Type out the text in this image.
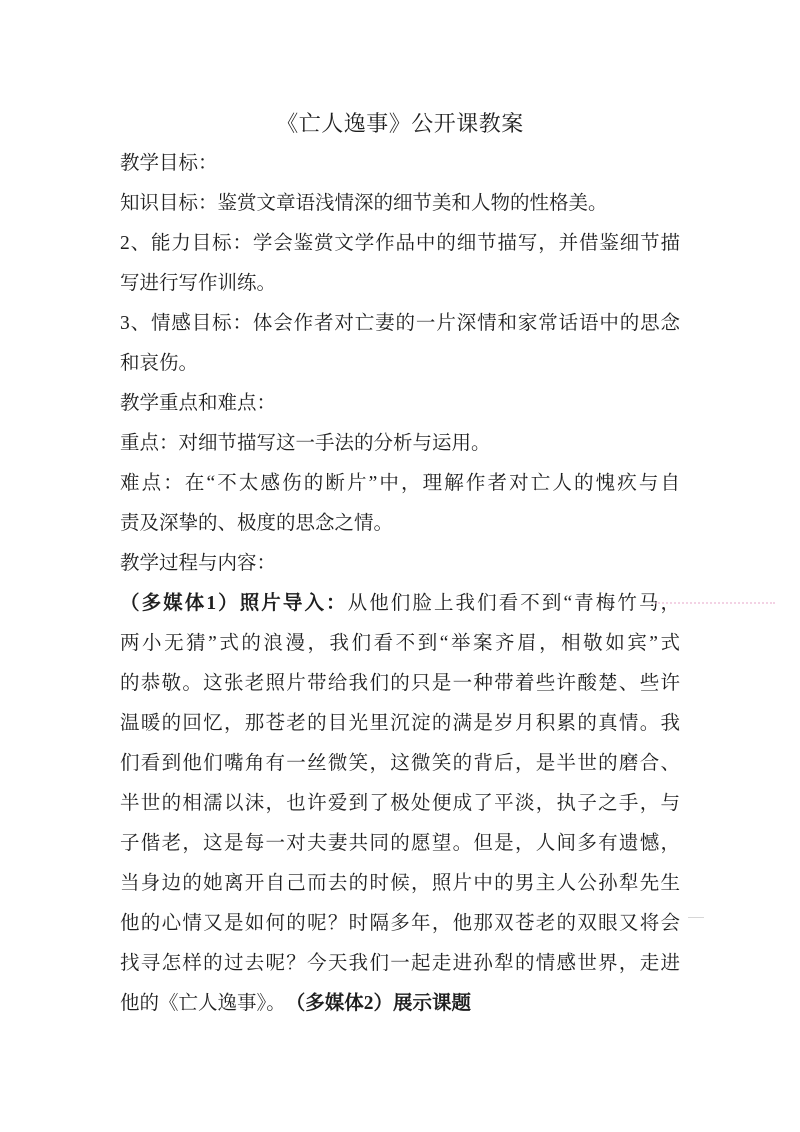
《亡人逸事》公开课教案
教学目标：
知识目标：鉴赏文章语浅情深的细节美和人物的性格美。
2、能力目标：学会鉴赏文学作品中的细节描写，并借鉴细节描
写进行写作训练。
3、情感目标：体会作者对亡妻的一片深情和家常话语中的思念
和哀伤。
教学重点和难点：
重点：对细节描写这一手法的分析与运用。
难点：在“不太感伤的断片”中，理解作者对亡人的愧疚与自
责及深挚的、极度的思念之情。
教学过程与内容：
（多媒体1）照片导入：从他们脸上我们看不到“青梅竹马，
两小无猜”式的浪漫，我们看不到“举案齐眉，相敬如宾”式
的恭敬。这张老照片带给我们的只是一种带着些许酸楚、些许
温暖的回忆，那苍老的目光里沉淀的满是岁月积累的真情。我
们看到他们嘴角有一丝微笑，这微笑的背后，是半世的磨合、
半世的相濡以沫，也许爱到了极处便成了平淡，执子之手，与
子偕老，这是每一对夫妻共同的愿望。但是，人间多有遗憾，
当身边的她离开自己而去的时候，照片中的男主人公孙犁先生
他的心情又是如何的呢？时隔多年，他那双苍老的双眼又将会
找寻怎样的过去呢？今天我们一起走进孙犁的情感世界，走进
他的《亡人逸事》。　（多媒体2）展示课题
